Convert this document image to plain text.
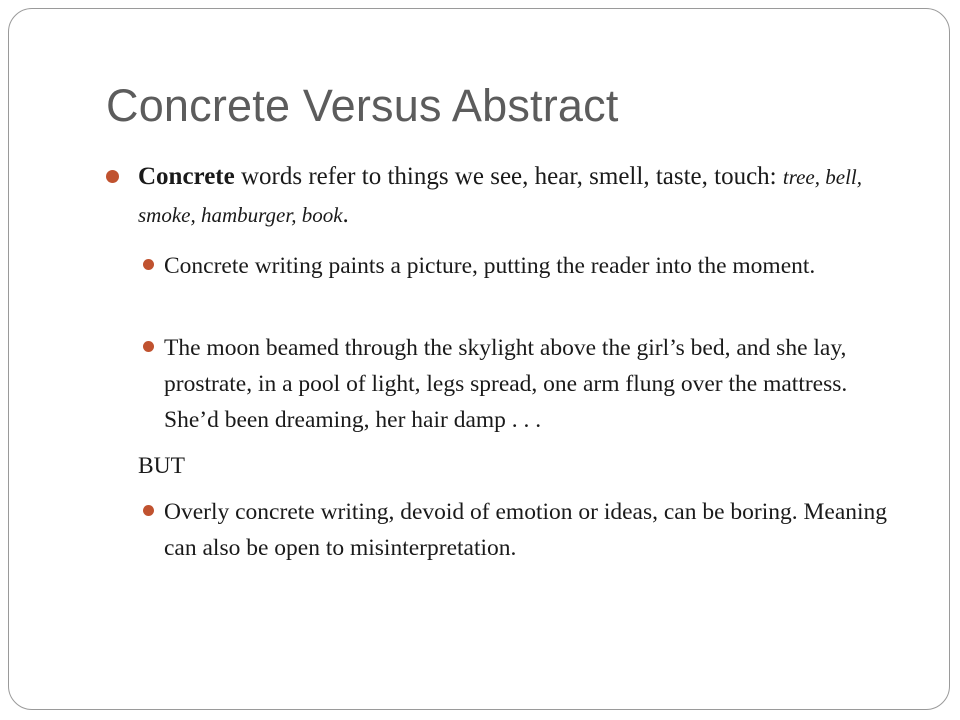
Concrete Versus Abstract
Concrete words refer to things we see, hear, smell, taste, touch: tree, bell, smoke, hamburger, book.
Concrete writing paints a picture, putting the reader into the moment.
The moon beamed through the skylight above the girl’s bed, and she lay, prostrate, in a pool of light, legs spread, one arm flung over the mattress. She’d been dreaming, her hair damp . . .
BUT
Overly concrete writing, devoid of emotion or ideas, can be boring. Meaning can also be open to misinterpretation.
